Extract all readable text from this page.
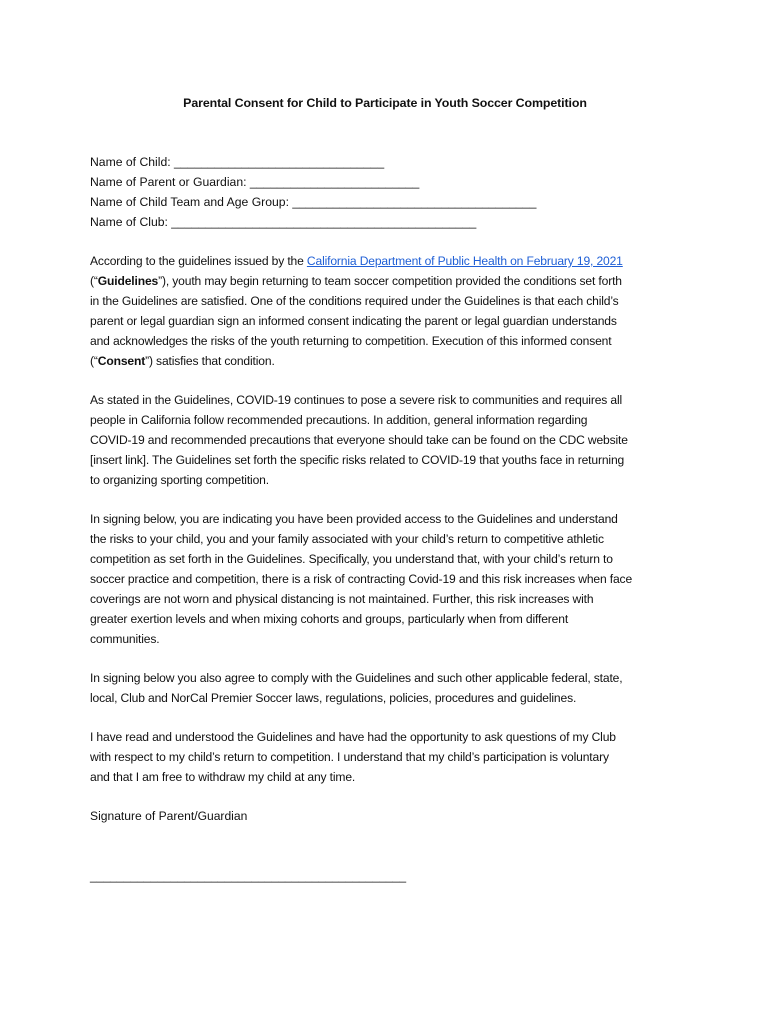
Parental Consent for Child to Participate in Youth Soccer Competition
Name of Child: _______________________________
Name of Parent or Guardian: _________________________
Name of Child Team and Age Group: ____________________________________
Name of Club: _____________________________________________
According to the guidelines issued by the California Department of Public Health on February 19, 2021
(“Guidelines”), youth may begin returning to team soccer competition provided the conditions set forth
in the Guidelines are satisfied. One of the conditions required under the Guidelines is that each child’s
parent or legal guardian sign an informed consent indicating the parent or legal guardian understands
and acknowledges the risks of the youth returning to competition. Execution of this informed consent
(“Consent”) satisfies that condition.
As stated in the Guidelines, COVID-19 continues to pose a severe risk to communities and requires all
people in California follow recommended precautions. In addition, general information regarding
COVID-19 and recommended precautions that everyone should take can be found on the CDC website
[insert link]. The Guidelines set forth the specific risks related to COVID-19 that youths face in returning
to organizing sporting competition.
In signing below, you are indicating you have been provided access to the Guidelines and understand
the risks to your child, you and your family associated with your child’s return to competitive athletic
competition as set forth in the Guidelines. Specifically, you understand that, with your child’s return to
soccer practice and competition, there is a risk of contracting Covid-19 and this risk increases when face
coverings are not worn and physical distancing is not maintained. Further, this risk increases with
greater exertion levels and when mixing cohorts and groups, particularly when from different
communities.
In signing below you also agree to comply with the Guidelines and such other applicable federal, state,
local, Club and NorCal Premier Soccer laws, regulations, policies, procedures and guidelines.
I have read and understood the Guidelines and have had the opportunity to ask questions of my Club
with respect to my child’s return to competition. I understand that my child’s participation is voluntary
and that I am free to withdraw my child at any time.
Signature of Parent/Guardian
_______________________________________________
